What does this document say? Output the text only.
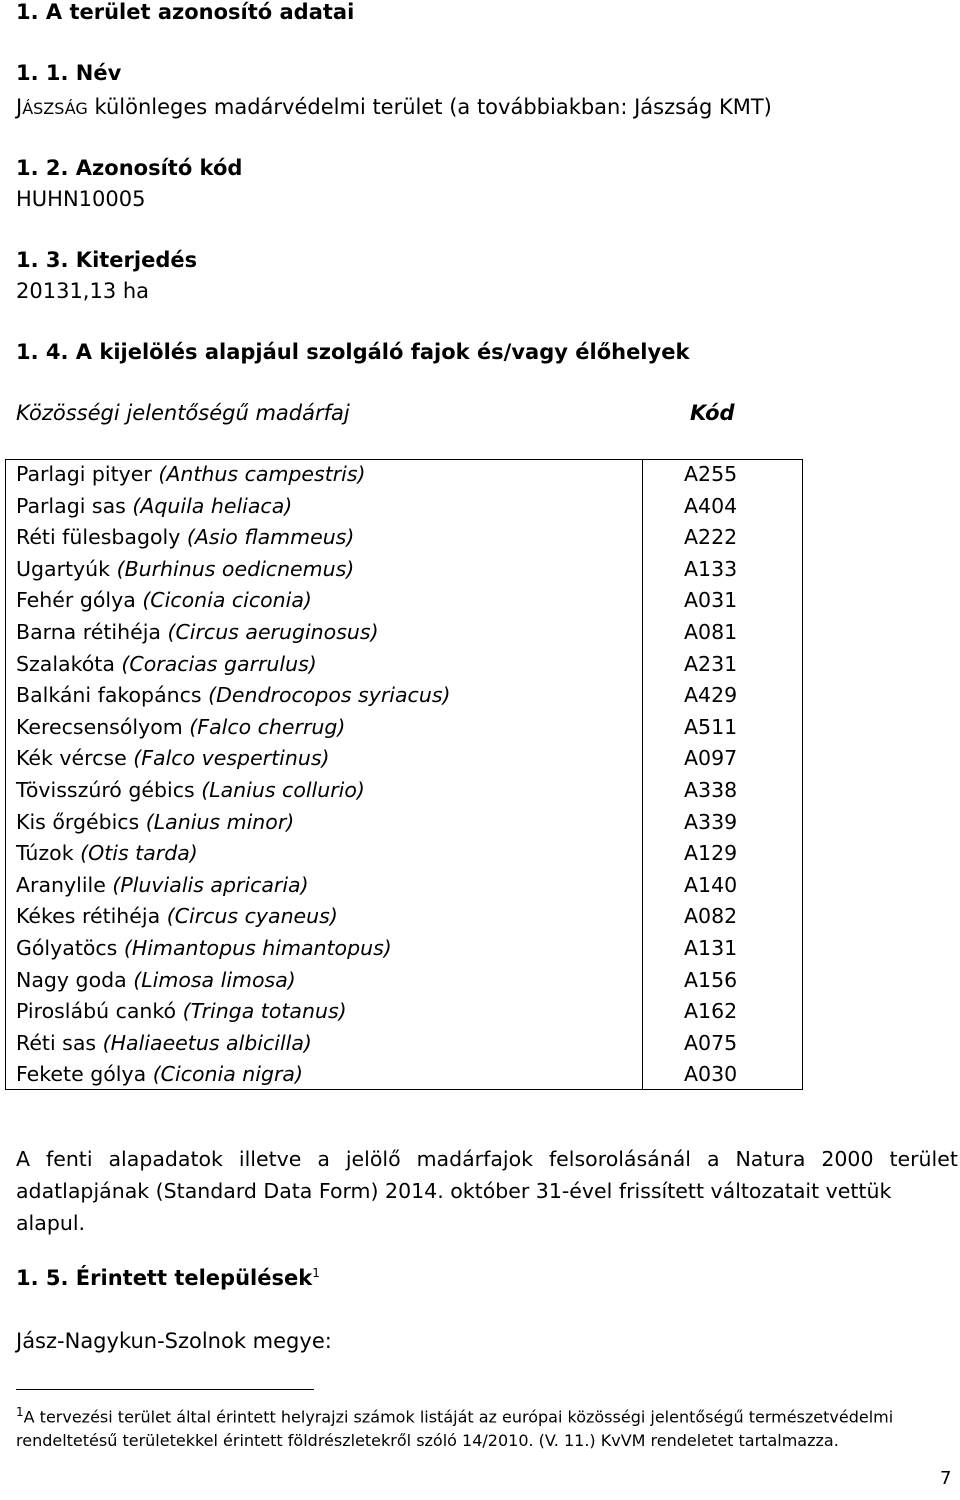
1. A terület azonosító adatai
1. 1. Név
JÁSZSÁG különleges madárvédelmi terület (a továbbiakban: Jászság KMT)
1. 2. Azonosító kód
HUHN10005
1. 3. Kiterjedés
20131,13 ha
1. 4. A kijelölés alapjául szolgáló fajok és/vagy élőhelyek
Közösségi jelentőségű madárfaj	Kód
Parlagi pityer (Anthus campestris)	A255
Parlagi sas (Aquila heliaca)	A404
Réti fülesbagoly (Asio flammeus)	A222
Ugartyúk (Burhinus oedicnemus)	A133
Fehér gólya (Ciconia ciconia)	A031
Barna rétihéja (Circus aeruginosus)	A081
Szalakóta (Coracias garrulus)	A231
Balkáni fakopáncs (Dendrocopos syriacus)	A429
Kerecsensólyom (Falco cherrug)	A511
Kék vércse (Falco vespertinus)	A097
Tövisszúró gébics (Lanius collurio)	A338
Kis őrgébics (Lanius minor)	A339
Túzok (Otis tarda)	A129
Aranylile (Pluvialis apricaria)	A140
Kékes rétihéja (Circus cyaneus)	A082
Gólyatöcs (Himantopus himantopus)	A131
Nagy goda (Limosa limosa)	A156
Piroslábú cankó (Tringa totanus)	A162
Réti sas (Haliaeetus albicilla)	A075
Fekete gólya (Ciconia nigra)	A030
A fenti alapadatok illetve a jelölő madárfajok felsorolásánál a Natura 2000 terület
adatlapjának (Standard Data Form) 2014. október 31-ével frissített változatait vettük alapul.
1. 5. Érintett települések$^1$
Jász-Nagykun-Szolnok megye:
$^1$A tervezési terület által érintett helyrajzi számok listáját az európai közösségi jelentőségű természetvédelmi
rendeltetésű területekkel érintett földrészletekről szóló 14/2010. (V. 11.) KvVM rendeletet tartalmazza.
7
